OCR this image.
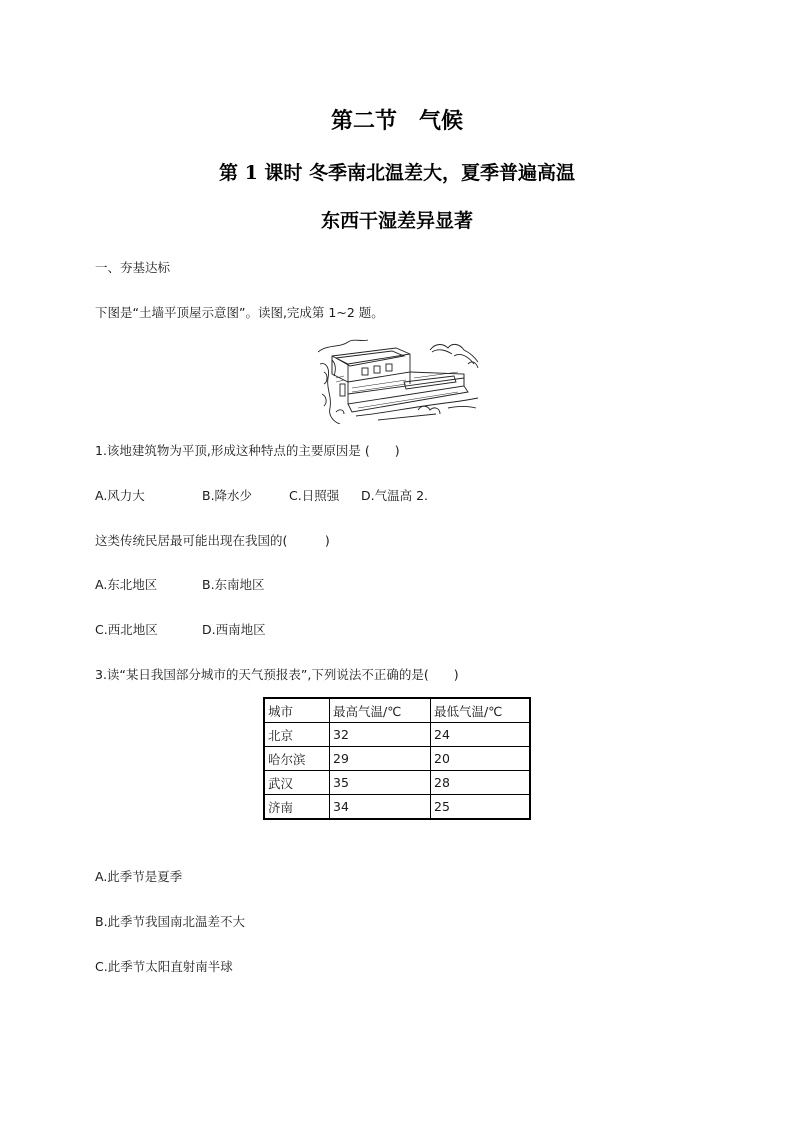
第二节　气候
第 1 课时 冬季南北温差大，夏季普遍高温
东西干湿差异显著
一、夯基达标
下图是“土墙平顶屋示意图”。读图,完成第 1~2 题。
1.该地建筑物为平顶,形成这种特点的主要原因是 (　　)
A.风力大	B.降水少	C.日照强 D.气温高 2.
这类传统民居最可能出现在我国的(　　　)
A.东北地区	B.东南地区
C.西北地区	D.西南地区
3.读“某日我国部分城市的天气预报表”,下列说法不正确的是(　　)
城市	最高气温/℃	最低气温/℃
北京	32	24
哈尔滨	29	20
武汉	35	28
济南	34	25
A.此季节是夏季
B.此季节我国南北温差不大
C.此季节太阳直射南半球
